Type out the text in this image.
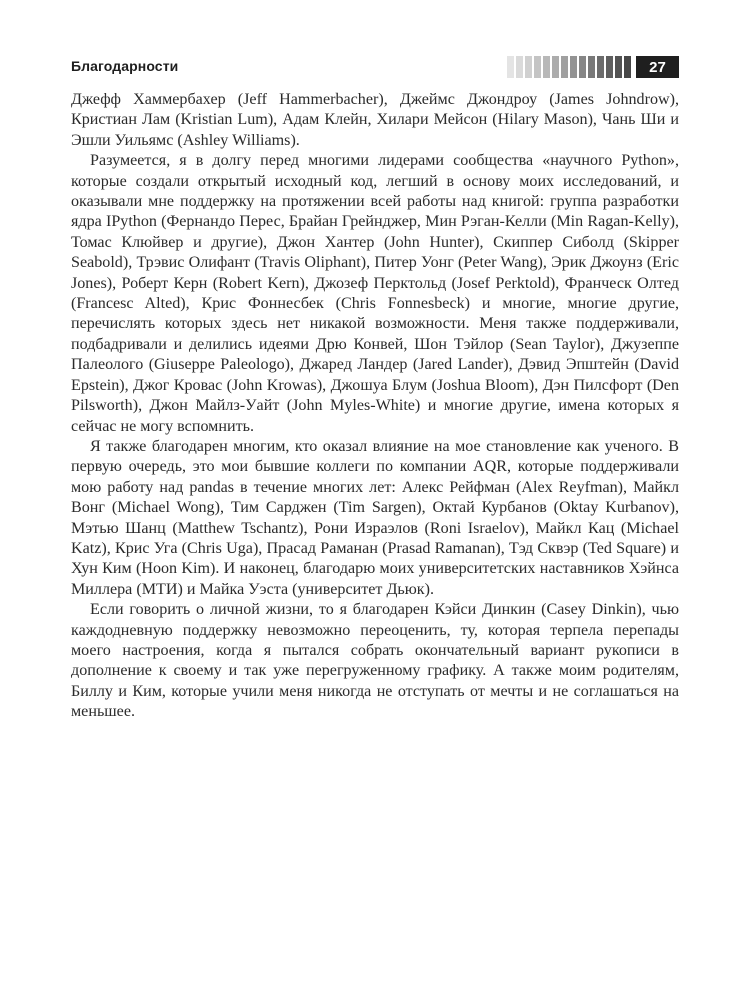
Благодарности	27

Джефф Хаммербахер (Jeff Hammerbacher), Джеймс Джондроу (James Johndrow), Кристиан Лам (Kristian Lum), Адам Клейн, Хилари Мейсон (Hilary Mason), Чань Ши и Эшли Уильямс (Ashley Williams).

Разумеется, я в долгу перед многими лидерами сообщества «научного Python», которые создали открытый исходный код, легший в основу моих исследований, и оказывали мне поддержку на протяжении всей работы над книгой: группа разработки ядра IPython (Фернандо Перес, Брайан Грейнджер, Мин Рэган-Келли (Min Ragan-Kelly), Томас Клюйвер и другие), Джон Хантер (John Hunter), Скиппер Сиболд (Skipper Seabold), Трэвис Олифант (Travis Oliphant), Питер Уонг (Peter Wang), Эрик Джоунз (Eric Jones), Роберт Керн (Robert Kern), Джозеф Перктольд (Josef Perktold), Франческ Олтед (Francesc Alted), Крис Фоннесбек (Chris Fonnesbeck) и многие, многие другие, перечислять которых здесь нет никакой возможности. Меня также поддерживали, подбадривали и делились идеями Дрю Конвей, Шон Тэйлор (Sean Taylor), Джузеппе Палеолого (Giuseppe Paleologo), Джаред Ландер (Jared Lander), Дэвид Эпштейн (David Epstein), Джог Кровас (John Krowas), Джошуа Блум (Joshua Bloom), Дэн Пилсфорт (Den Pilsworth), Джон Майлз-Уайт (John Myles-White) и многие другие, имена которых я сейчас не могу вспомнить.

Я также благодарен многим, кто оказал влияние на мое становление как ученого. В первую очередь, это мои бывшие коллеги по компании AQR, которые поддерживали мою работу над pandas в течение многих лет: Алекс Рейфман (Alex Reyfman), Майкл Вонг (Michael Wong), Тим Сарджен (Tim Sargen), Октай Курбанов (Oktay Kurbanov), Мэтью Шанц (Matthew Tschantz), Рони Израэлов (Roni Israelov), Майкл Кац (Michael Katz), Крис Уга (Chris Uga), Прасад Раманан (Prasad Ramanan), Тэд Сквэр (Ted Square) и Хун Ким (Hoon Kim). И наконец, благодарю моих университетских наставников Хэйнса Миллера (МТИ) и Майка Уэста (университет Дьюк).

Если говорить о личной жизни, то я благодарен Кэйси Динкин (Casey Dinkin), чью каждодневную поддержку невозможно переоценить, ту, которая терпела перепады моего настроения, когда я пытался собрать окончательный вариант рукописи в дополнение к своему и так уже перегруженному графику. А также моим родителям, Биллу и Ким, которые учили меня никогда не отступать от мечты и не соглашаться на меньшее.
